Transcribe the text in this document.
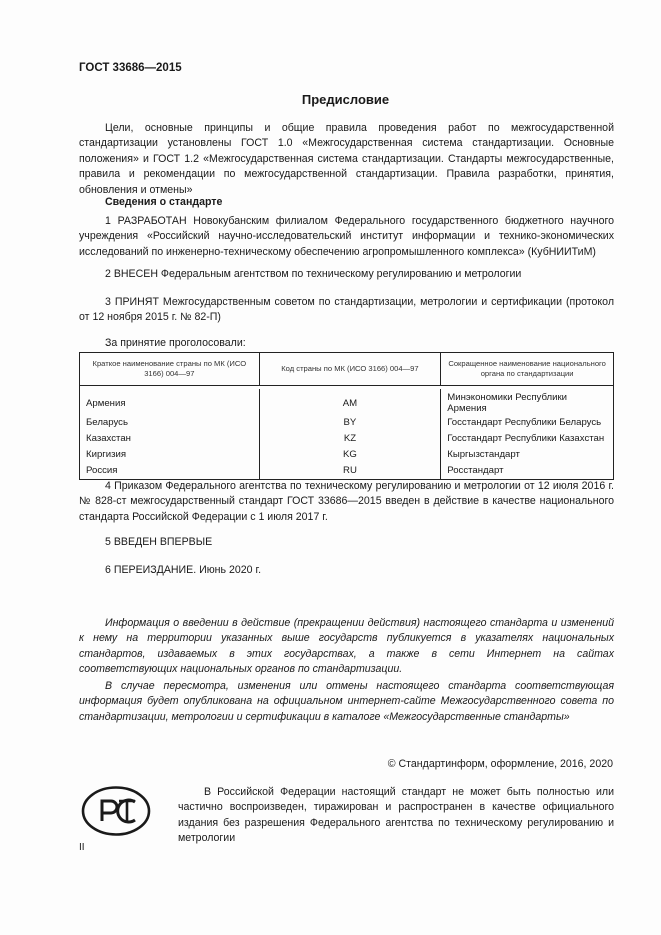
ГОСТ 33686—2015
Предисловие
Цели, основные принципы и общие правила проведения работ по межгосударственной стандартизации установлены ГОСТ 1.0 «Межгосударственная система стандартизации. Основные положения» и ГОСТ 1.2 «Межгосударственная система стандартизации. Стандарты межгосударственные, правила и рекомендации по межгосударственной стандартизации. Правила разработки, принятия, обновления и отмены»
Сведения о стандарте
1 РАЗРАБОТАН Новокубанским филиалом Федерального государственного бюджетного научного учреждения «Российский научно-исследовательский институт информации и технико-экономических исследований по инженерно-техническому обеспечению агропромышленного комплекса» (КубНИИТиМ)
2 ВНЕСЕН Федеральным агентством по техническому регулированию и метрологии
3 ПРИНЯТ Межгосударственным советом по стандартизации, метрологии и сертификации (протокол от 12 ноября 2015 г. № 82-П)
За принятие проголосовали:
Краткое наименование страны по МК (ИСО 3166) 004—97	Код страны по МК (ИСО 3166) 004—97	Сокращенное наименование национального органа по стандартизации

Армения	AM	Минэкономики Республики Армения
Беларусь	BY	Госстандарт Республики Беларусь
Казахстан	KZ	Госстандарт Республики Казахстан
Киргизия	KG	Кыргызстандарт
Россия	RU	Росстандарт
4 Приказом Федерального агентства по техническому регулированию и метрологии от 12 июля 2016 г. № 828-ст межгосударственный стандарт ГОСТ 33686—2015 введен в действие в качестве национального стандарта Российской Федерации с 1 июля 2017 г.
5 ВВЕДЕН ВПЕРВЫЕ
6 ПЕРЕИЗДАНИЕ. Июнь 2020 г.
Информация о введении в действие (прекращении действия) настоящего стандарта и изменений к нему на территории указанных выше государств публикуется в указателях национальных стандартов, издаваемых в этих государствах, а также в сети Интернет на сайтах соответствующих национальных органов по стандартизации.
В случае пересмотра, изменения или отмены настоящего стандарта соответствующая информация будет опубликована на официальном интернет-сайте Межгосударственного совета по стандартизации, метрологии и сертификации в каталоге «Межгосударственные стандарты»
© Стандартинформ, оформление, 2016, 2020
В Российской Федерации настоящий стандарт не может быть полностью или частично воспроизведен, тиражирован и распространен в качестве официального издания без разрешения Федерального агентства по техническому регулированию и метрологии
II
